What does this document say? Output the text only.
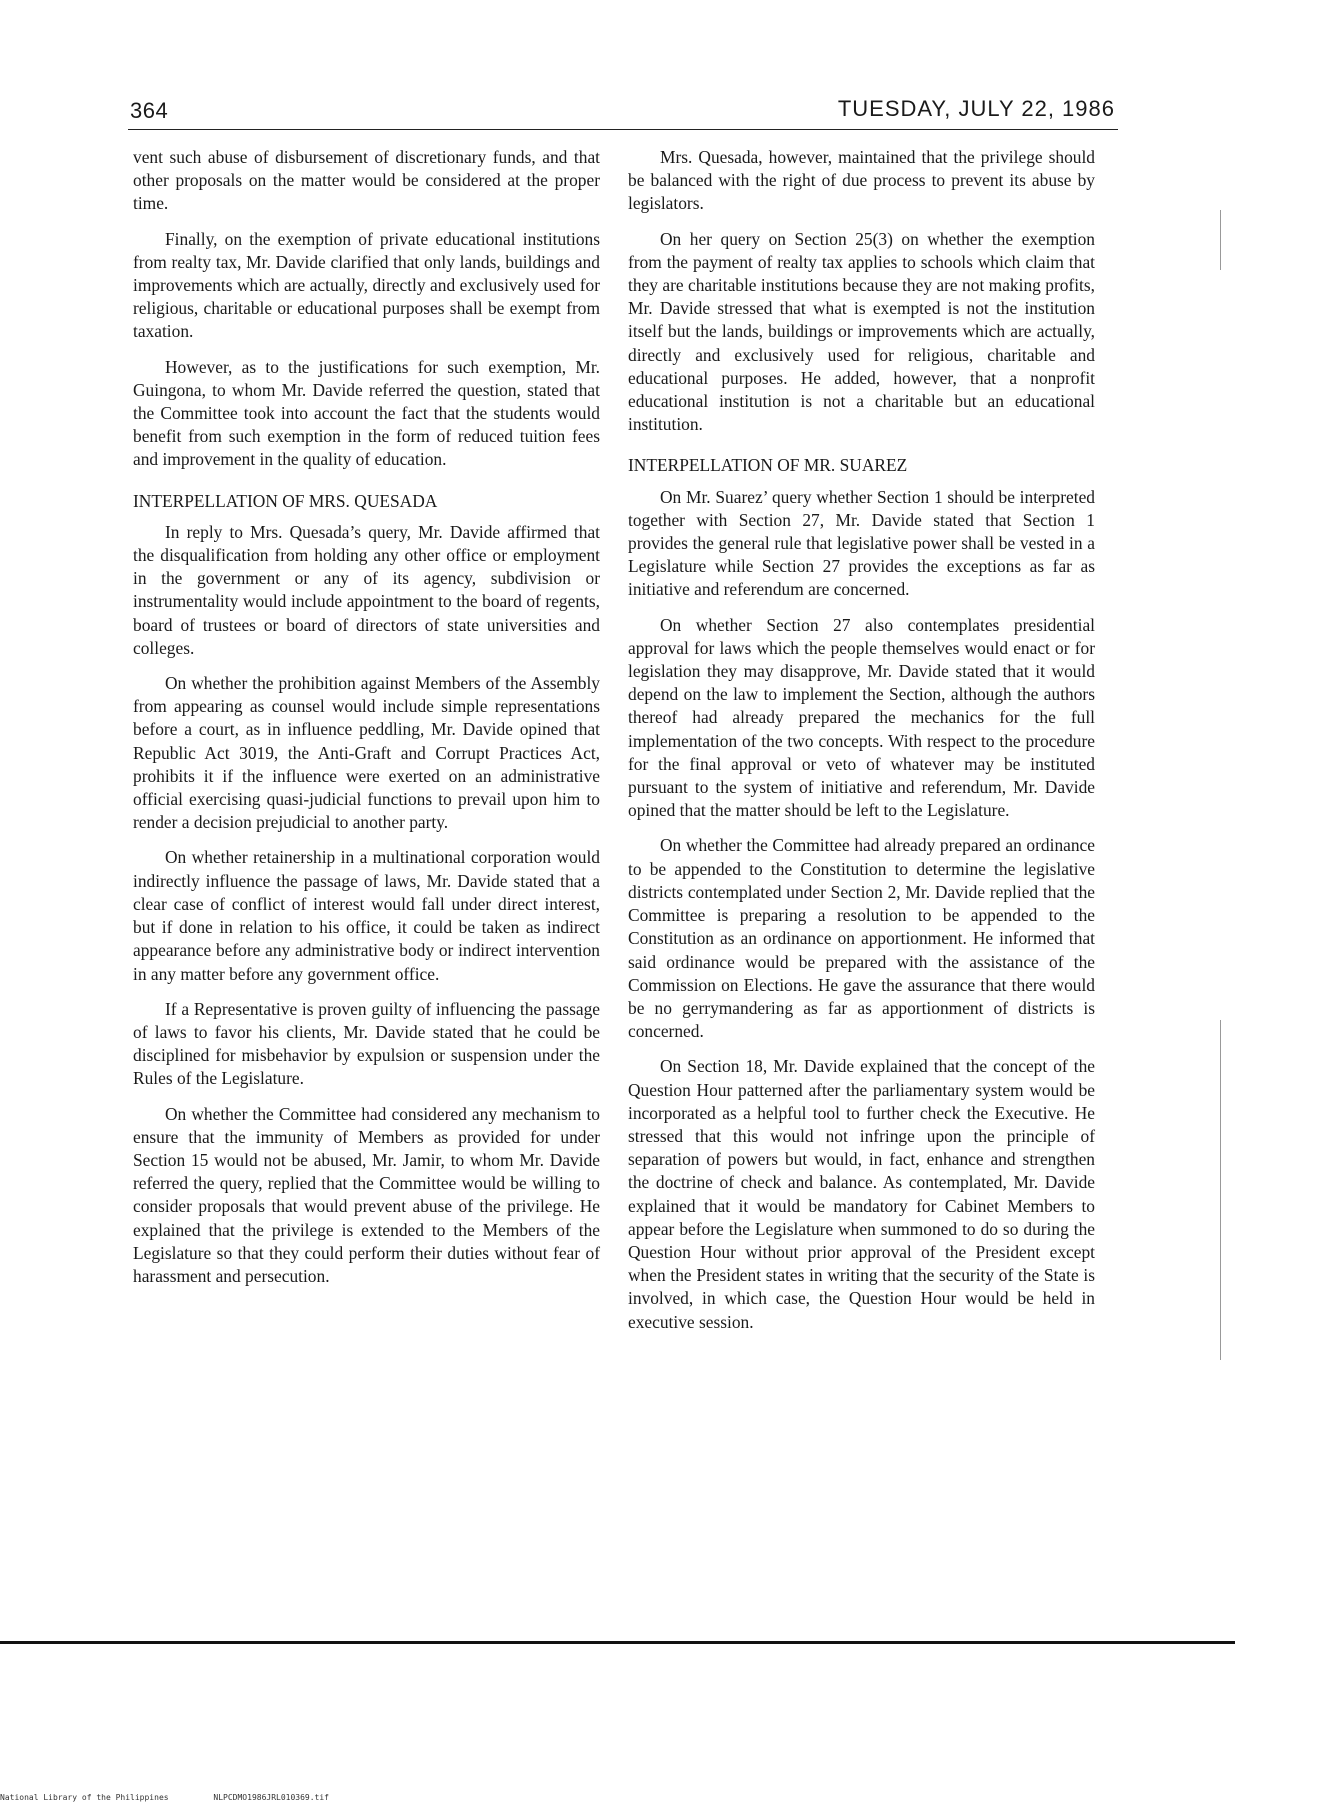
364	TUESDAY, JULY 22, 1986

vent such abuse of disbursement of discretionary funds, and that other proposals on the matter would be considered at the proper time.

Finally, on the exemption of private educational institutions from realty tax, Mr. Davide clarified that only lands, buildings and improvements which are actually, directly and exclusively used for religious, charitable or educational purposes shall be exempt from taxation.

However, as to the justifications for such exemption, Mr. Guingona, to whom Mr. Davide referred the question, stated that the Committee took into account the fact that the students would benefit from such exemption in the form of reduced tuition fees and improvement in the quality of education.

INTERPELLATION OF MRS. QUESADA

In reply to Mrs. Quesada’s query, Mr. Davide affirmed that the disqualification from holding any other office or employment in the government or any of its agency, subdivision or instrumentality would include appointment to the board of regents, board of trustees or board of directors of state universities and colleges.

On whether the prohibition against Members of the Assembly from appearing as counsel would include simple representations before a court, as in influence peddling, Mr. Davide opined that Republic Act 3019, the Anti-Graft and Corrupt Practices Act, prohibits it if the influence were exerted on an administrative official exercising quasi-judicial functions to prevail upon him to render a decision prejudicial to another party.

On whether retainership in a multinational corporation would indirectly influence the passage of laws, Mr. Davide stated that a clear case of conflict of interest would fall under direct interest, but if done in relation to his office, it could be taken as indirect appearance before any administrative body or indirect intervention in any matter before any government office.

If a Representative is proven guilty of influencing the passage of laws to favor his clients, Mr. Davide stated that he could be disciplined for misbehavior by expulsion or suspension under the Rules of the Legislature.

On whether the Committee had considered any mechanism to ensure that the immunity of Members as provided for under Section 15 would not be abused, Mr. Jamir, to whom Mr. Davide referred the query, replied that the Committee would be willing to consider proposals that would prevent abuse of the privilege. He explained that the privilege is extended to the Members of the Legislature so that they could perform their duties without fear of harassment and persecution.

Mrs. Quesada, however, maintained that the privilege should be balanced with the right of due process to prevent its abuse by legislators.

On her query on Section 25(3) on whether the exemption from the payment of realty tax applies to schools which claim that they are charitable institutions because they are not making profits, Mr. Davide stressed that what is exempted is not the institution itself but the lands, buildings or improvements which are actually, directly and exclusively used for religious, charitable and educational purposes. He added, however, that a nonprofit educational institution is not a charitable but an educational institution.

INTERPELLATION OF MR. SUAREZ

On Mr. Suarez’ query whether Section 1 should be interpreted together with Section 27, Mr. Davide stated that Section 1 provides the general rule that legislative power shall be vested in a Legislature while Section 27 provides the exceptions as far as initiative and referendum are concerned.

On whether Section 27 also contemplates presidential approval for laws which the people themselves would enact or for legislation they may disapprove, Mr. Davide stated that it would depend on the law to implement the Section, although the authors thereof had already prepared the mechanics for the full implementation of the two concepts. With respect to the procedure for the final approval or veto of whatever may be instituted pursuant to the system of initiative and referendum, Mr. Davide opined that the matter should be left to the Legislature.

On whether the Committee had already prepared an ordinance to be appended to the Constitution to determine the legislative districts contemplated under Section 2, Mr. Davide replied that the Committee is preparing a resolution to be appended to the Constitution as an ordinance on apportionment. He informed that said ordinance would be prepared with the assistance of the Commission on Elections. He gave the assurance that there would be no gerrymandering as far as apportionment of districts is concerned.

On Section 18, Mr. Davide explained that the concept of the Question Hour patterned after the parliamentary system would be incorporated as a helpful tool to further check the Executive. He stressed that this would not infringe upon the principle of separation of powers but would, in fact, enhance and strengthen the doctrine of check and balance. As contemplated, Mr. Davide explained that it would be mandatory for Cabinet Members to appear before the Legislature when summoned to do so during the Question Hour without prior approval of the President except when the President states in writing that the security of the State is involved, in which case, the Question Hour would be held in executive session.

National Library of the Philippines	NLPCDMO1986JRL010369.tif
